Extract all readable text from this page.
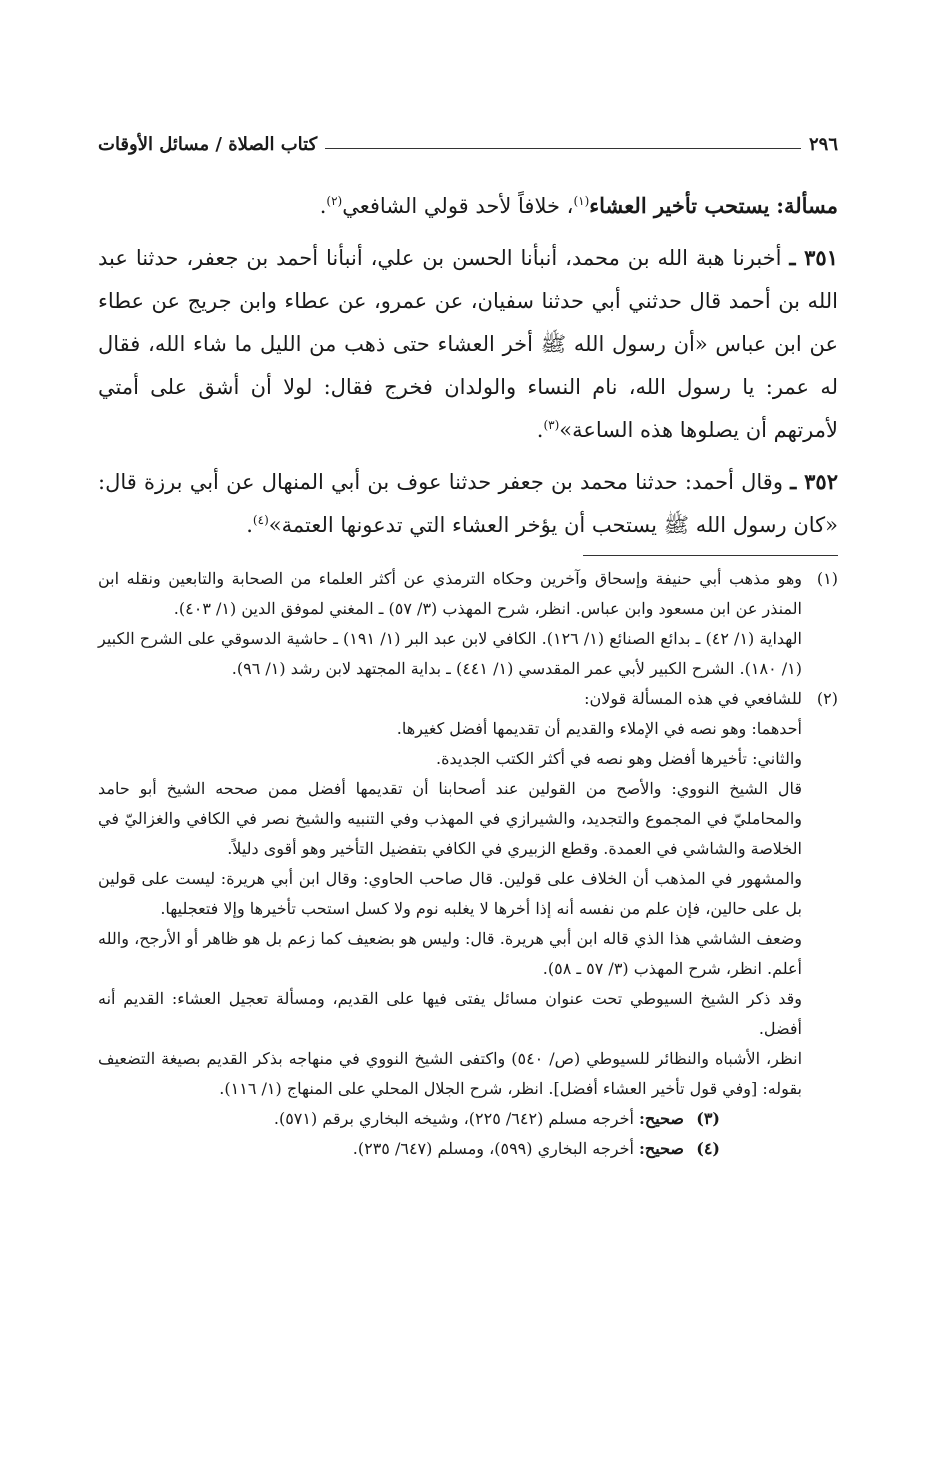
٢٩٦
كتاب الصلاة / مسائل الأوقات

مسألة: يستحب تأخير العشاء$^{(١)}$، خلافاً لأحد قولي الشافعي$^{(٢)}$.

٣٥١ ـ أخبرنا هبة الله بن محمد، أنبأنا الحسن بن علي، أنبأنا أحمد بن جعفر، حدثنا عبد الله بن أحمد قال حدثني أبي حدثنا سفيان، عن عمرو، عن عطاء وابن جريج عن عطاء عن ابن عباس «أن رسول الله ﷺ أخر العشاء حتى ذهب من الليل ما شاء الله، فقال له عمر: يا رسول الله، نام النساء والولدان فخرج فقال: لولا أن أشق على أمتي لأمرتهم أن يصلوها هذه الساعة»$^{(٣)}$.

٣٥٢ ـ وقال أحمد: حدثنا محمد بن جعفر حدثنا عوف بن أبي المنهال عن أبي برزة قال: «كان رسول الله ﷺ يستحب أن يؤخر العشاء التي تدعونها العتمة»$^{(٤)}$.

(١)

وهو مذهب أبي حنيفة وإسحاق وآخرين وحكاه الترمذي عن أكثر العلماء من الصحابة والتابعين ونقله ابن المنذر عن ابن مسعود وابن عباس. انظر، شرح المهذب (٣/ ٥٧) ـ المغني لموفق الدين (١/ ٤٠٣).

الهداية (١/ ٤٢) ـ بدائع الصنائع (١/ ١٢٦). الكافي لابن عبد البر (١/ ١٩١) ـ حاشية الدسوقي على الشرح الكبير (١/ ١٨٠). الشرح الكبير لأبي عمر المقدسي (١/ ٤٤١) ـ بداية المجتهد لابن رشد (١/ ٩٦).

(٢)

للشافعي في هذه المسألة قولان:

أحدهما: وهو نصه في الإملاء والقديم أن تقديمها أفضل كغيرها.

والثاني: تأخيرها أفضل وهو نصه في أكثر الكتب الجديدة.

قال الشيخ النووي: والأصح من القولين عند أصحابنا أن تقديمها أفضل ممن صححه الشيخ أبو حامد والمحامليّ في المجموع والتجديد، والشيرازي في المهذب وفي التنبيه والشيخ نصر في الكافي والغزاليّ في الخلاصة والشاشي في العمدة. وقطع الزبيري في الكافي بتفضيل التأخير وهو أقوى دليلاً.

والمشهور في المذهب أن الخلاف على قولين. قال صاحب الحاوي: وقال ابن أبي هريرة: ليست على قولين بل على حالين، فإن علم من نفسه أنه إذا أخرها لا يغلبه نوم ولا كسل استحب تأخيرها وإلا فتعجليها.

وضعف الشاشي هذا الذي قاله ابن أبي هريرة. قال: وليس هو بضعيف كما زعم بل هو ظاهر أو الأرجح، والله أعلم. انظر، شرح المهذب (٣/ ٥٧ ـ ٥٨).

وقد ذكر الشيخ السيوطي تحت عنوان مسائل يفتى فيها على القديم، ومسألة تعجيل العشاء: القديم أنه أفضل.

انظر، الأشباه والنظائر للسيوطي (ص/ ٥٤٠) واكتفى الشيخ النووي في منهاجه بذكر القديم بصيغة التضعيف بقوله: [وفي قول تأخير العشاء أفضل]. انظر، شرح الجلال المحلي على المنهاج (١/ ١١٦).

(٣)

صحيح: أخرجه مسلم (٦٤٢/ ٢٢٥)، وشيخه البخاري برقم (٥٧١).

(٤)

صحيح: أخرجه البخاري (٥٩٩)، ومسلم (٦٤٧/ ٢٣٥).
